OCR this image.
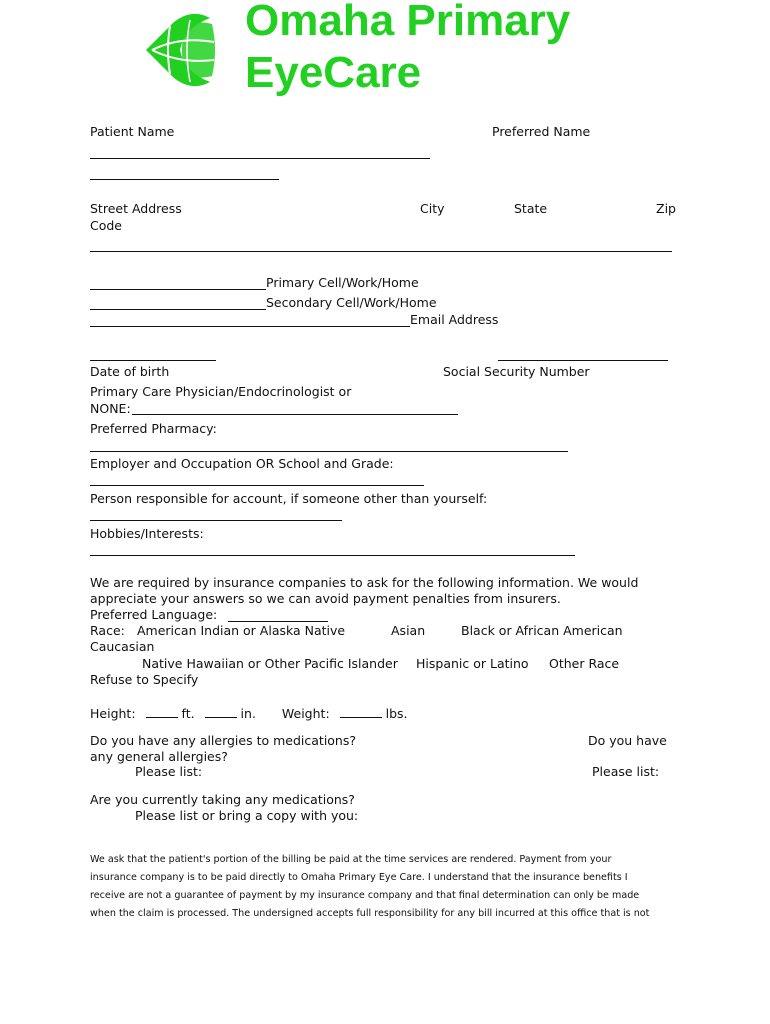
Omaha Primary
EyeCare
Patient Name	Preferred Name
Street Address
Code
City	State	Zip
Primary Cell/Work/Home
Secondary Cell/Work/Home
Email Address
Date of birth	Social Security Number
Primary Care Physician/Endocrinologist or
NONE:
Preferred Pharmacy:
Employer and Occupation OR School and Grade:
Person responsible for account, if someone other than yourself:
Hobbies/Interests:
We are required by insurance companies to ask for the following information. We would
appreciate your answers so we can avoid payment penalties from insurers.
Preferred Language:
Race: American Indian or Alaska Native	Asian	Black or African American
Caucasian
Native Hawaiian or Other Pacific Islander Hispanic or Latino Other Race
Refuse to Specify
Height:	ft.	in. Weight:	lbs.
Do you have any allergies to medications?	Do you have
any general allergies?
Please list:	Please list:
Are you currently taking any medications?
Please list or bring a copy with you:
We ask that the patient's portion of the billing be paid at the time services are rendered. Payment from your
insurance company is to be paid directly to Omaha Primary Eye Care. I understand that the insurance benefits I
receive are not a guarantee of payment by my insurance company and that final determination can only be made
when the claim is processed. The undersigned accepts full responsibility for any bill incurred at this office that is not
